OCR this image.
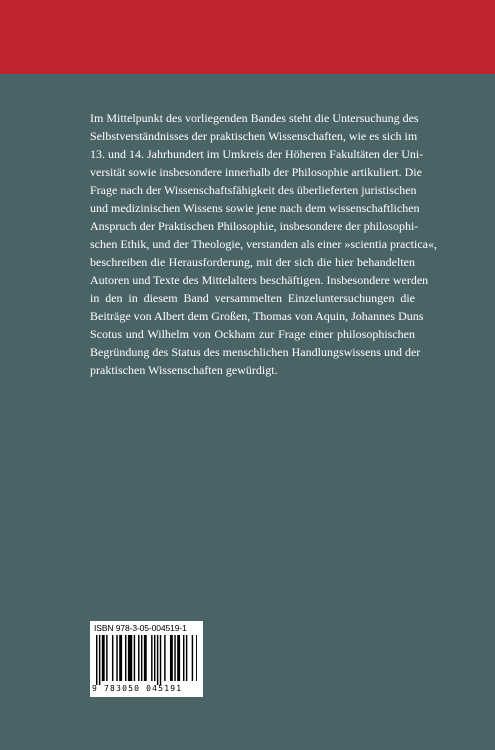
Im Mittelpunkt des vorliegenden Bandes steht die Untersuchung des
Selbstverständnisses der praktischen Wissenschaften, wie es sich im
13. und 14. Jahrhundert im Umkreis der Höheren Fakultäten der Uni-
versität sowie insbesondere innerhalb der Philosophie artikuliert. Die
Frage nach der Wissenschaftsfähigkeit des überlieferten juristischen
und medizinischen Wissens sowie jene nach dem wissenschaftlichen
Anspruch der Praktischen Philosophie, insbesondere der philosophi-
schen Ethik, und der Theologie, verstanden als einer »scientia practica«,
beschreiben die Herausforderung, mit der sich die hier behandelten
Autoren und Texte des Mittelalters beschäftigen. Insbesondere werden
in den in diesem Band versammelten Einzeluntersuchungen die
Beiträge von Albert dem Großen, Thomas von Aquin, Johannes Duns
Scotus und Wilhelm von Ockham zur Frage einer philosophischen
Begründung des Status des menschlichen Handlungswissens und der
praktischen Wissenschaften gewürdigt.
ISBN 978-3-05-004519-1
9 783050 045191
